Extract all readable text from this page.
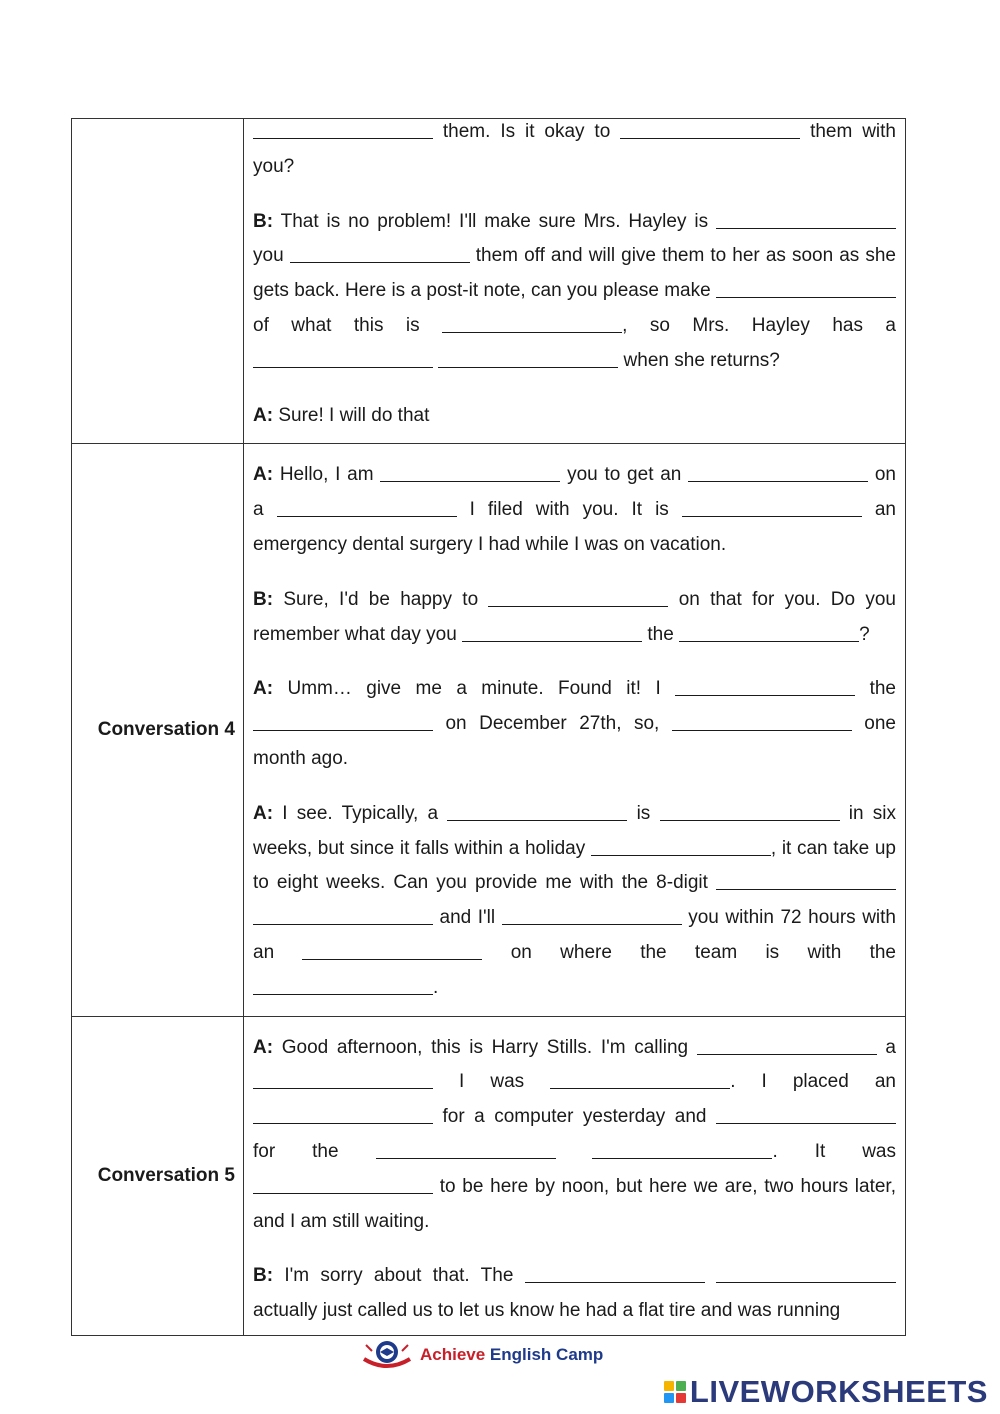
	them. Is it okay to them with you?

B: That is no problem! I'll make sure Mrs. Hayley is  you them off and will give them to her as soon as she gets back. Here is a post-it note, can you please make  of what this is , so Mrs. Hayley has a   when she returns?

A: Sure! I will do that

Conversation 4	A: Hello, I am you to get an on a I filed with you. It is an emergency dental surgery I had while I was on vacation.

B: Sure, I'd be happy to on that for you. Do you remember what day you the ?

A: Umm… give me a minute. Found it! I the  on December 27th, so, one month ago.

A: I see. Typically, a is in six weeks, but since it falls within a holiday , it can take up to eight weeks. Can you provide me with the 8-digit   and I'll you within 72 hours with an on where the team is with the .

Conversation 5	A: Good afternoon, this is Harry Stills. I'm calling a  I was . I placed an  for a computer yesterday and  for the . It was  to be here by noon, but here we are, two hours later, and I am still waiting.

B: I'm sorry about that. The   actually just called us to let us know he had a flat tire and was running

Achieve English Camp
LIVEWORKSHEETS
